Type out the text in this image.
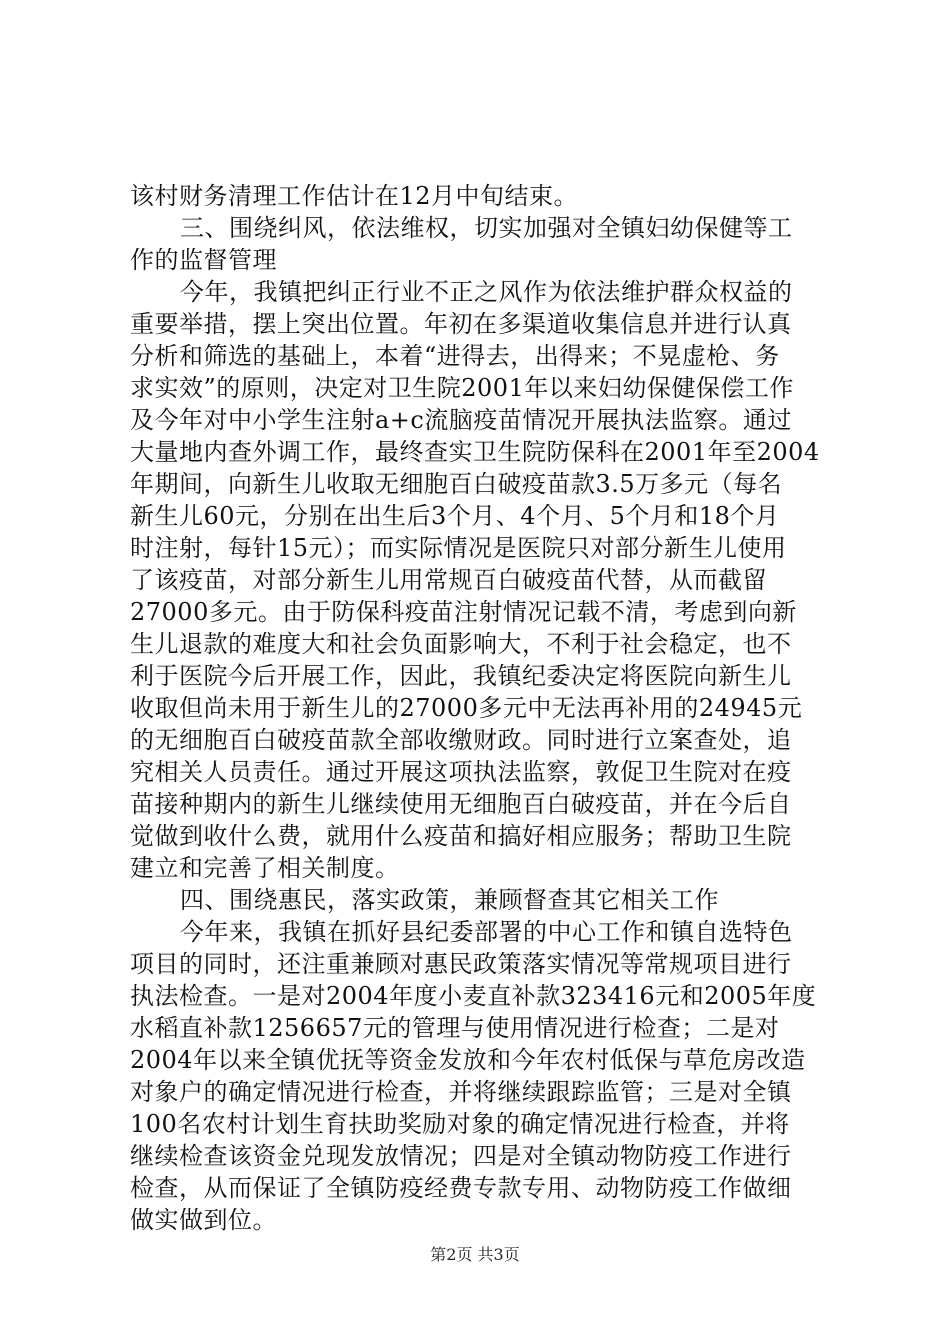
该村财务清理工作估计在12月中旬结束。
三、围绕纠风，依法维权，切实加强对全镇妇幼保健等工
作的监督管理
今年，我镇把纠正行业不正之风作为依法维护群众权益的
重要举措，摆上突出位置。年初在多渠道收集信息并进行认真
分析和筛选的基础上，本着“进得去，出得来；不晃虚枪、务
求实效”的原则，决定对卫生院2001年以来妇幼保健保偿工作
及今年对中小学生注射a+c流脑疫苗情况开展执法监察。通过
大量地内查外调工作，最终查实卫生院防保科在2001年至2004
年期间，向新生儿收取无细胞百白破疫苗款3.5万多元（每名
新生儿60元，分别在出生后3个月、4个月、5个月和18个月
时注射，每针15元）；而实际情况是医院只对部分新生儿使用
了该疫苗，对部分新生儿用常规百白破疫苗代替，从而截留
27000多元。由于防保科疫苗注射情况记载不清，考虑到向新
生儿退款的难度大和社会负面影响大，不利于社会稳定，也不
利于医院今后开展工作，因此，我镇纪委决定将医院向新生儿
收取但尚未用于新生儿的27000多元中无法再补用的24945元
的无细胞百白破疫苗款全部收缴财政。同时进行立案查处，追
究相关人员责任。通过开展这项执法监察，敦促卫生院对在疫
苗接种期内的新生儿继续使用无细胞百白破疫苗，并在今后自
觉做到收什么费，就用什么疫苗和搞好相应服务；帮助卫生院
建立和完善了相关制度。
四、围绕惠民，落实政策，兼顾督查其它相关工作
今年来，我镇在抓好县纪委部署的中心工作和镇自选特色
项目的同时，还注重兼顾对惠民政策落实情况等常规项目进行
执法检查。一是对2004年度小麦直补款323416元和2005年度
水稻直补款1256657元的管理与使用情况进行检查；二是对
2004年以来全镇优抚等资金发放和今年农村低保与草危房改造
对象户的确定情况进行检查，并将继续跟踪监管；三是对全镇
100名农村计划生育扶助奖励对象的确定情况进行检查，并将
继续检查该资金兑现发放情况；四是对全镇动物防疫工作进行
检查，从而保证了全镇防疫经费专款专用、动物防疫工作做细
做实做到位。
第2页 共3页
